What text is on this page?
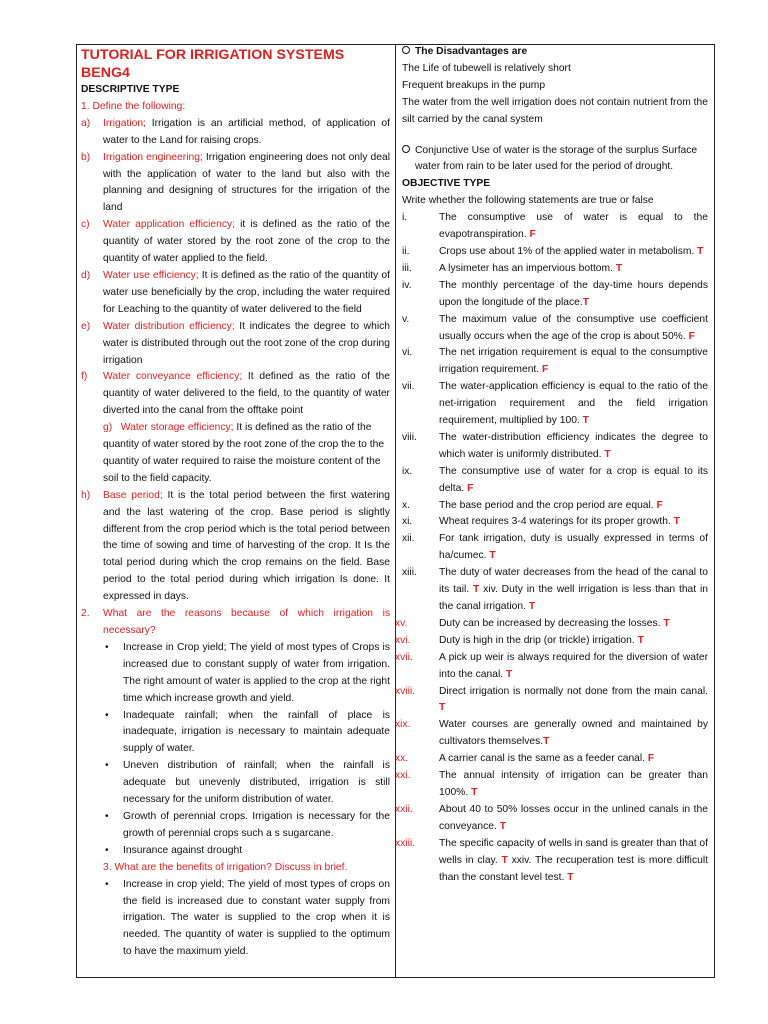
TUTORIAL FOR IRRIGATION SYSTEMS BENG4
DESCRIPTIVE TYPE
1. Define the following:
a)	Irrigation; Irrigation is an artificial method, of application of water to the Land for raising crops.
b)	Irrigation engineering; Irrigation engineering does not only deal with the application of water to the land but also with the planning and designing of structures for the irrigation of the land
c)	Water application efficiency; it is defined as the ratio of the quantity of water stored by the root zone of the crop to the quantity of water applied to the field.
d)	Water use efficiency; It is defined as the ratio of the quantity of water use beneficially by the crop, including the water required for Leaching to the quantity of water delivered to the field
e)	Water distribution efficiency; It indicates the degree to which water is distributed through out the root zone of the crop during irrigation
f)	Water conveyance efficiency; It defined as the ratio of the quantity of water delivered to the field, to the quantity of water diverted into the canal from the offtake point
g) Water storage efficiency; It is defined as the ratio of the quantity of water stored by the root zone of the crop the to the quantity of water required to raise the moisture content of the soil to the field capacity.
h)	Base period; It is the total period between the first watering and the last watering of the crop. Base period is slightly different from the crop period which is the total period between the time of sowing and time of harvesting of the crop. It Is the total period during which the crop remains on the field. Base period to the total period during which irrigation Is done. It expressed in days.
2.	What are the reasons because of which irrigation is necessary?
•	Increase in Crop yield; The yield of most types of Crops is increased due to constant supply of water from irrigation. The right amount of water is applied to the crop at the right time which increase growth and yield.
•	Inadequate rainfall; when the rainfall of place is inadequate, irrigation is necessary to maintain adequate supply of water.
•	Uneven distribution of rainfall; when the rainfall is adequate but unevenly distributed, irrigation is still necessary for the uniform distribution of water.
•	Growth of perennial crops. Irrigation is necessary for the growth of perennial crops such a s sugarcane.
•	Insurance against drought
3. What are the benefits of irrigation? Discuss in brief.
•	Increase in crop yield; The yield of most types of crops on the field is increased due to constant water supply from irrigation. The water is supplied to the crop when it is needed. The quantity of water is supplied to the optimum to have the maximum yield.
The Disadvantages are
The Life of tubewell is relatively short
Frequent breakups in the pump
The water from the well irrigation does not contain nutrient from the silt carried by the canal system
Conjunctive Use of water is the storage of the surplus Surface
water from rain to be later used for the period of drought.
OBJECTIVE TYPE
Write whether the following statements are true or false
i.	The consumptive use of water is equal to the evapotranspiration. F
ii.	Crops use about 1% of the applied water in metabolism. T
iii.	A lysimeter has an impervious bottom. T
iv.	The monthly percentage of the day-time hours depends upon the longitude of the place.T
v.	The maximum value of the consumptive use coefficient usually occurs when the age of the crop is about 50%. F
vi.	The net irrigation requirement is equal to the consumptive irrigation requirement. F
vii.	The water-application efficiency is equal to the ratio of the net-irrigation requirement and the field irrigation requirement, multiplied by 100. T
viii.	The water-distribution efficiency indicates the degree to which water is uniformly distributed. T
ix.	The consumptive use of water for a crop is equal to its delta. F
x.	The base period and the crop period are equal. F
xi.	Wheat requires 3-4 waterings for its proper growth. T
xii.	For tank irrigation, duty is usually expressed in terms of ha/cumec. T
xiii.	The duty of water decreases from the head of the canal to its tail. T xiv. Duty in the well irrigation is less than that in the canal irrigation. T
xv.	Duty can be increased by decreasing the losses. T
xvi.	Duty is high in the drip (or trickle) irrigation. T
xvii.	A pick up weir is always required for the diversion of water into the canal. T
xviii.	Direct irrigation is normally not done from the main canal. T
xix.	Water courses are generally owned and maintained by cultivators themselves.T
xx.	A carrier canal is the same as a feeder canal. F
xxi.	The annual intensity of irrigation can be greater than 100%. T
xxii.	About 40 to 50% losses occur in the unlined canals in the conveyance. T
xxiii.	The specific capacity of wells in sand is greater than that of wells in clay. T xxiv. The recuperation test is more difficult than the constant level test. T
